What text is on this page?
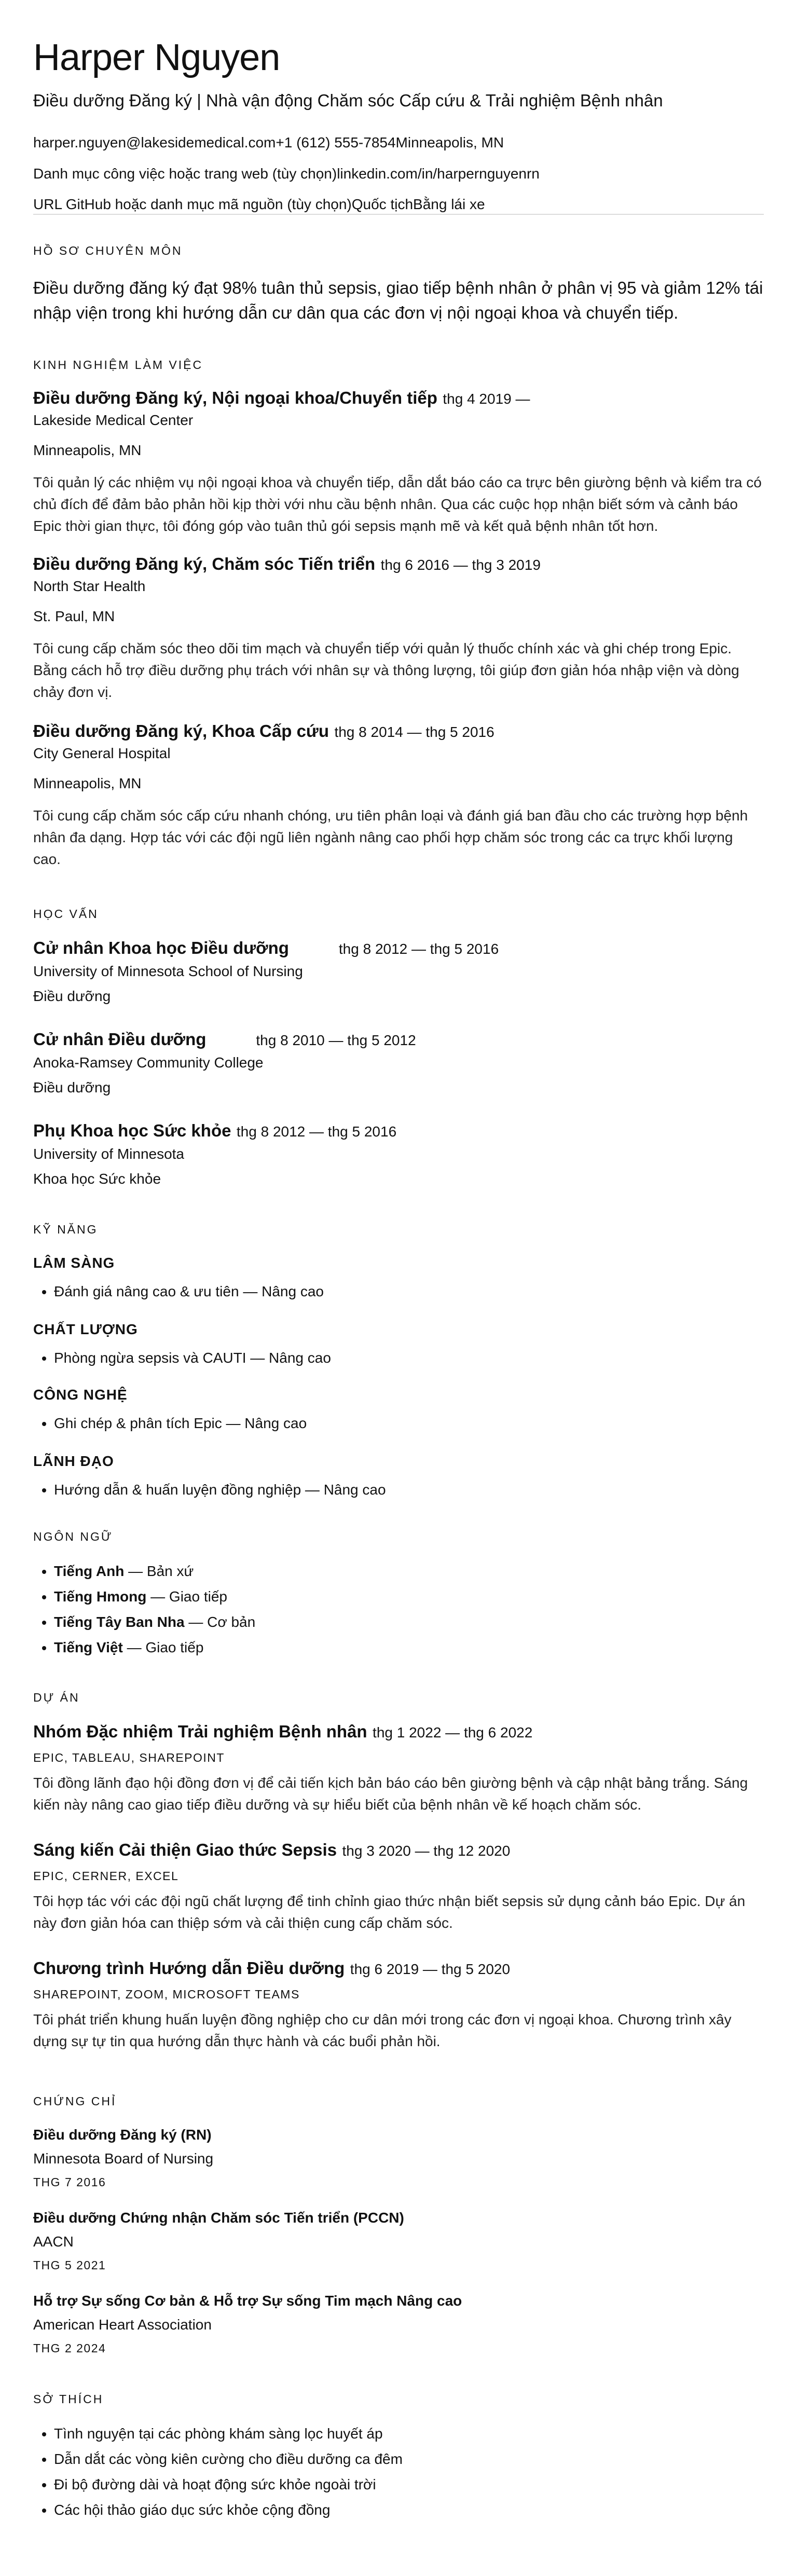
Harper Nguyen
Điều dưỡng Đăng ký | Nhà vận động Chăm sóc Cấp cứu & Trải nghiệm Bệnh nhân
harper.nguyen@lakesidemedical.com+1 (612) 555-7854Minneapolis, MN
Danh mục công việc hoặc trang web (tùy chọn)linkedin.com/in/harpernguyenrn
URL GitHub hoặc danh mục mã nguồn (tùy chọn)Quốc tịchBằng lái xe
HỒ SƠ CHUYÊN MÔN
Điều dưỡng đăng ký đạt 98% tuân thủ sepsis, giao tiếp bệnh nhân ở phân vị 95 và giảm 12% tái nhập viện trong khi hướng dẫn cư dân qua các đơn vị nội ngoại khoa và chuyển tiếp.
KINH NGHIỆM LÀM VIỆC
Điều dưỡng Đăng ký, Nội ngoại khoa/Chuyển tiếp thg 4 2019 —
Lakeside Medical Center
Minneapolis, MN
Tôi quản lý các nhiệm vụ nội ngoại khoa và chuyển tiếp, dẫn dắt báo cáo ca trực bên giường bệnh và kiểm tra có chủ đích để đảm bảo phản hồi kịp thời với nhu cầu bệnh nhân. Qua các cuộc họp nhận biết sớm và cảnh báo Epic thời gian thực, tôi đóng góp vào tuân thủ gói sepsis mạnh mẽ và kết quả bệnh nhân tốt hơn.
Điều dưỡng Đăng ký, Chăm sóc Tiến triển thg 6 2016 — thg 3 2019
North Star Health
St. Paul, MN
Tôi cung cấp chăm sóc theo dõi tim mạch và chuyển tiếp với quản lý thuốc chính xác và ghi chép trong Epic. Bằng cách hỗ trợ điều dưỡng phụ trách với nhân sự và thông lượng, tôi giúp đơn giản hóa nhập viện và dòng chảy đơn vị.
Điều dưỡng Đăng ký, Khoa Cấp cứu thg 8 2014 — thg 5 2016
City General Hospital
Minneapolis, MN
Tôi cung cấp chăm sóc cấp cứu nhanh chóng, ưu tiên phân loại và đánh giá ban đầu cho các trường hợp bệnh nhân đa dạng. Hợp tác với các đội ngũ liên ngành nâng cao phối hợp chăm sóc trong các ca trực khối lượng cao.
HỌC VẤN
Cử nhân Khoa học Điều dưỡng	thg 8 2012 — thg 5 2016
University of Minnesota School of Nursing
Điều dưỡng
Cử nhân Điều dưỡng	thg 8 2010 — thg 5 2012
Anoka-Ramsey Community College
Điều dưỡng
Phụ Khoa học Sức khỏe thg 8 2012 — thg 5 2016
University of Minnesota
Khoa học Sức khỏe
KỸ NĂNG
LÂM SÀNG
• Đánh giá nâng cao & ưu tiên — Nâng cao
CHẤT LƯỢNG
• Phòng ngừa sepsis và CAUTI — Nâng cao
CÔNG NGHỆ
• Ghi chép & phân tích Epic — Nâng cao
LÃNH ĐẠO
• Hướng dẫn & huấn luyện đồng nghiệp — Nâng cao
NGÔN NGỮ
• Tiếng Anh — Bản xứ
• Tiếng Hmong — Giao tiếp
• Tiếng Tây Ban Nha — Cơ bản
• Tiếng Việt — Giao tiếp
DỰ ÁN
Nhóm Đặc nhiệm Trải nghiệm Bệnh nhân thg 1 2022 — thg 6 2022
EPIC, TABLEAU, SHAREPOINT
Tôi đồng lãnh đạo hội đồng đơn vị để cải tiến kịch bản báo cáo bên giường bệnh và cập nhật bảng trắng. Sáng kiến này nâng cao giao tiếp điều dưỡng và sự hiểu biết của bệnh nhân về kế hoạch chăm sóc.
Sáng kiến Cải thiện Giao thức Sepsis thg 3 2020 — thg 12 2020
EPIC, CERNER, EXCEL
Tôi hợp tác với các đội ngũ chất lượng để tinh chỉnh giao thức nhận biết sepsis sử dụng cảnh báo Epic. Dự án này đơn giản hóa can thiệp sớm và cải thiện cung cấp chăm sóc.
Chương trình Hướng dẫn Điều dưỡng thg 6 2019 — thg 5 2020
SHAREPOINT, ZOOM, MICROSOFT TEAMS
Tôi phát triển khung huấn luyện đồng nghiệp cho cư dân mới trong các đơn vị ngoại khoa. Chương trình xây dựng sự tự tin qua hướng dẫn thực hành và các buổi phản hồi.
CHỨNG CHỈ
Điều dưỡng Đăng ký (RN)
Minnesota Board of Nursing
THG 7 2016
Điều dưỡng Chứng nhận Chăm sóc Tiến triển (PCCN)
AACN
THG 5 2021
Hỗ trợ Sự sống Cơ bản & Hỗ trợ Sự sống Tim mạch Nâng cao
American Heart Association
THG 2 2024
SỞ THÍCH
• Tình nguyện tại các phòng khám sàng lọc huyết áp
• Dẫn dắt các vòng kiên cường cho điều dưỡng ca đêm
• Đi bộ đường dài và hoạt động sức khỏe ngoài trời
• Các hội thảo giáo dục sức khỏe cộng đồng
